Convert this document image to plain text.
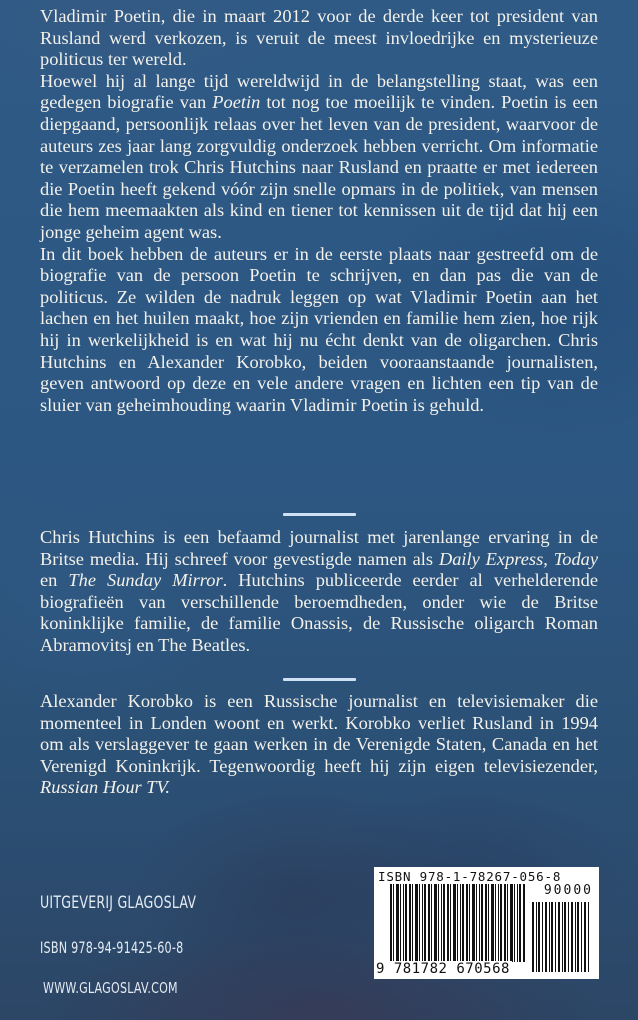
Vladimir Poetin, die in maart 2012 voor de derde keer tot president van Rusland werd verkozen, is veruit de meest invloedrijke en mysterieuze politicus ter wereld.

Hoewel hij al lange tijd wereldwijd in de belangstelling staat, was een gedegen biografie van Poetin tot nog toe moeilijk te vinden. Poetin is een diepgaand, persoonlijk relaas over het leven van de president, waarvoor de auteurs zes jaar lang zorgvuldig onderzoek hebben verricht. Om informatie te verzamelen trok Chris Hutchins naar Rusland en praatte er met iedereen die Poetin heeft gekend vóór zijn snelle opmars in de politiek, van mensen die hem meemaakten als kind en tiener tot kennissen uit de tijd dat hij een jonge geheim agent was.

In dit boek hebben de auteurs er in de eerste plaats naar gestreefd om de biografie van de persoon Poetin te schrijven, en dan pas die van de politicus. Ze wilden de nadruk leggen op wat Vladimir Poetin aan het lachen en het huilen maakt, hoe zijn vrienden en familie hem zien, hoe rijk hij in werkelijkheid is en wat hij nu écht denkt van de oligarchen. Chris Hutchins en Alexander Korobko, beiden vooraanstaande journalisten, geven antwoord op deze en vele andere vragen en lichten een tip van de sluier van geheimhouding waarin Vladimir Poetin is gehuld.

Chris Hutchins is een befaamd journalist met jarenlange ervaring in de Britse media. Hij schreef voor gevestigde namen als Daily Express, Today en The Sunday Mirror. Hutchins publiceerde eerder al verhelderende biografieën van verschillende beroemdheden, onder wie de Britse koninklijke familie, de familie Onassis, de Russische oligarch Roman Abramovitsj en The Beatles.

Alexander Korobko is een Russische journalist en televisiemaker die momenteel in Londen woont en werkt. Korobko verliet Rusland in 1994 om als verslaggever te gaan werken in de Verenigde Staten, Canada en het Verenigd Koninkrijk. Tegenwoordig heeft hij zijn eigen televisiezender, Russian Hour TV.

UITGEVERIJ GLAGOSLAV
ISBN 978-94-91425-60-8
WWW.GLAGOSLAV.COM
ISBN 978-1-78267-056-8
90000
9 781782 670568
